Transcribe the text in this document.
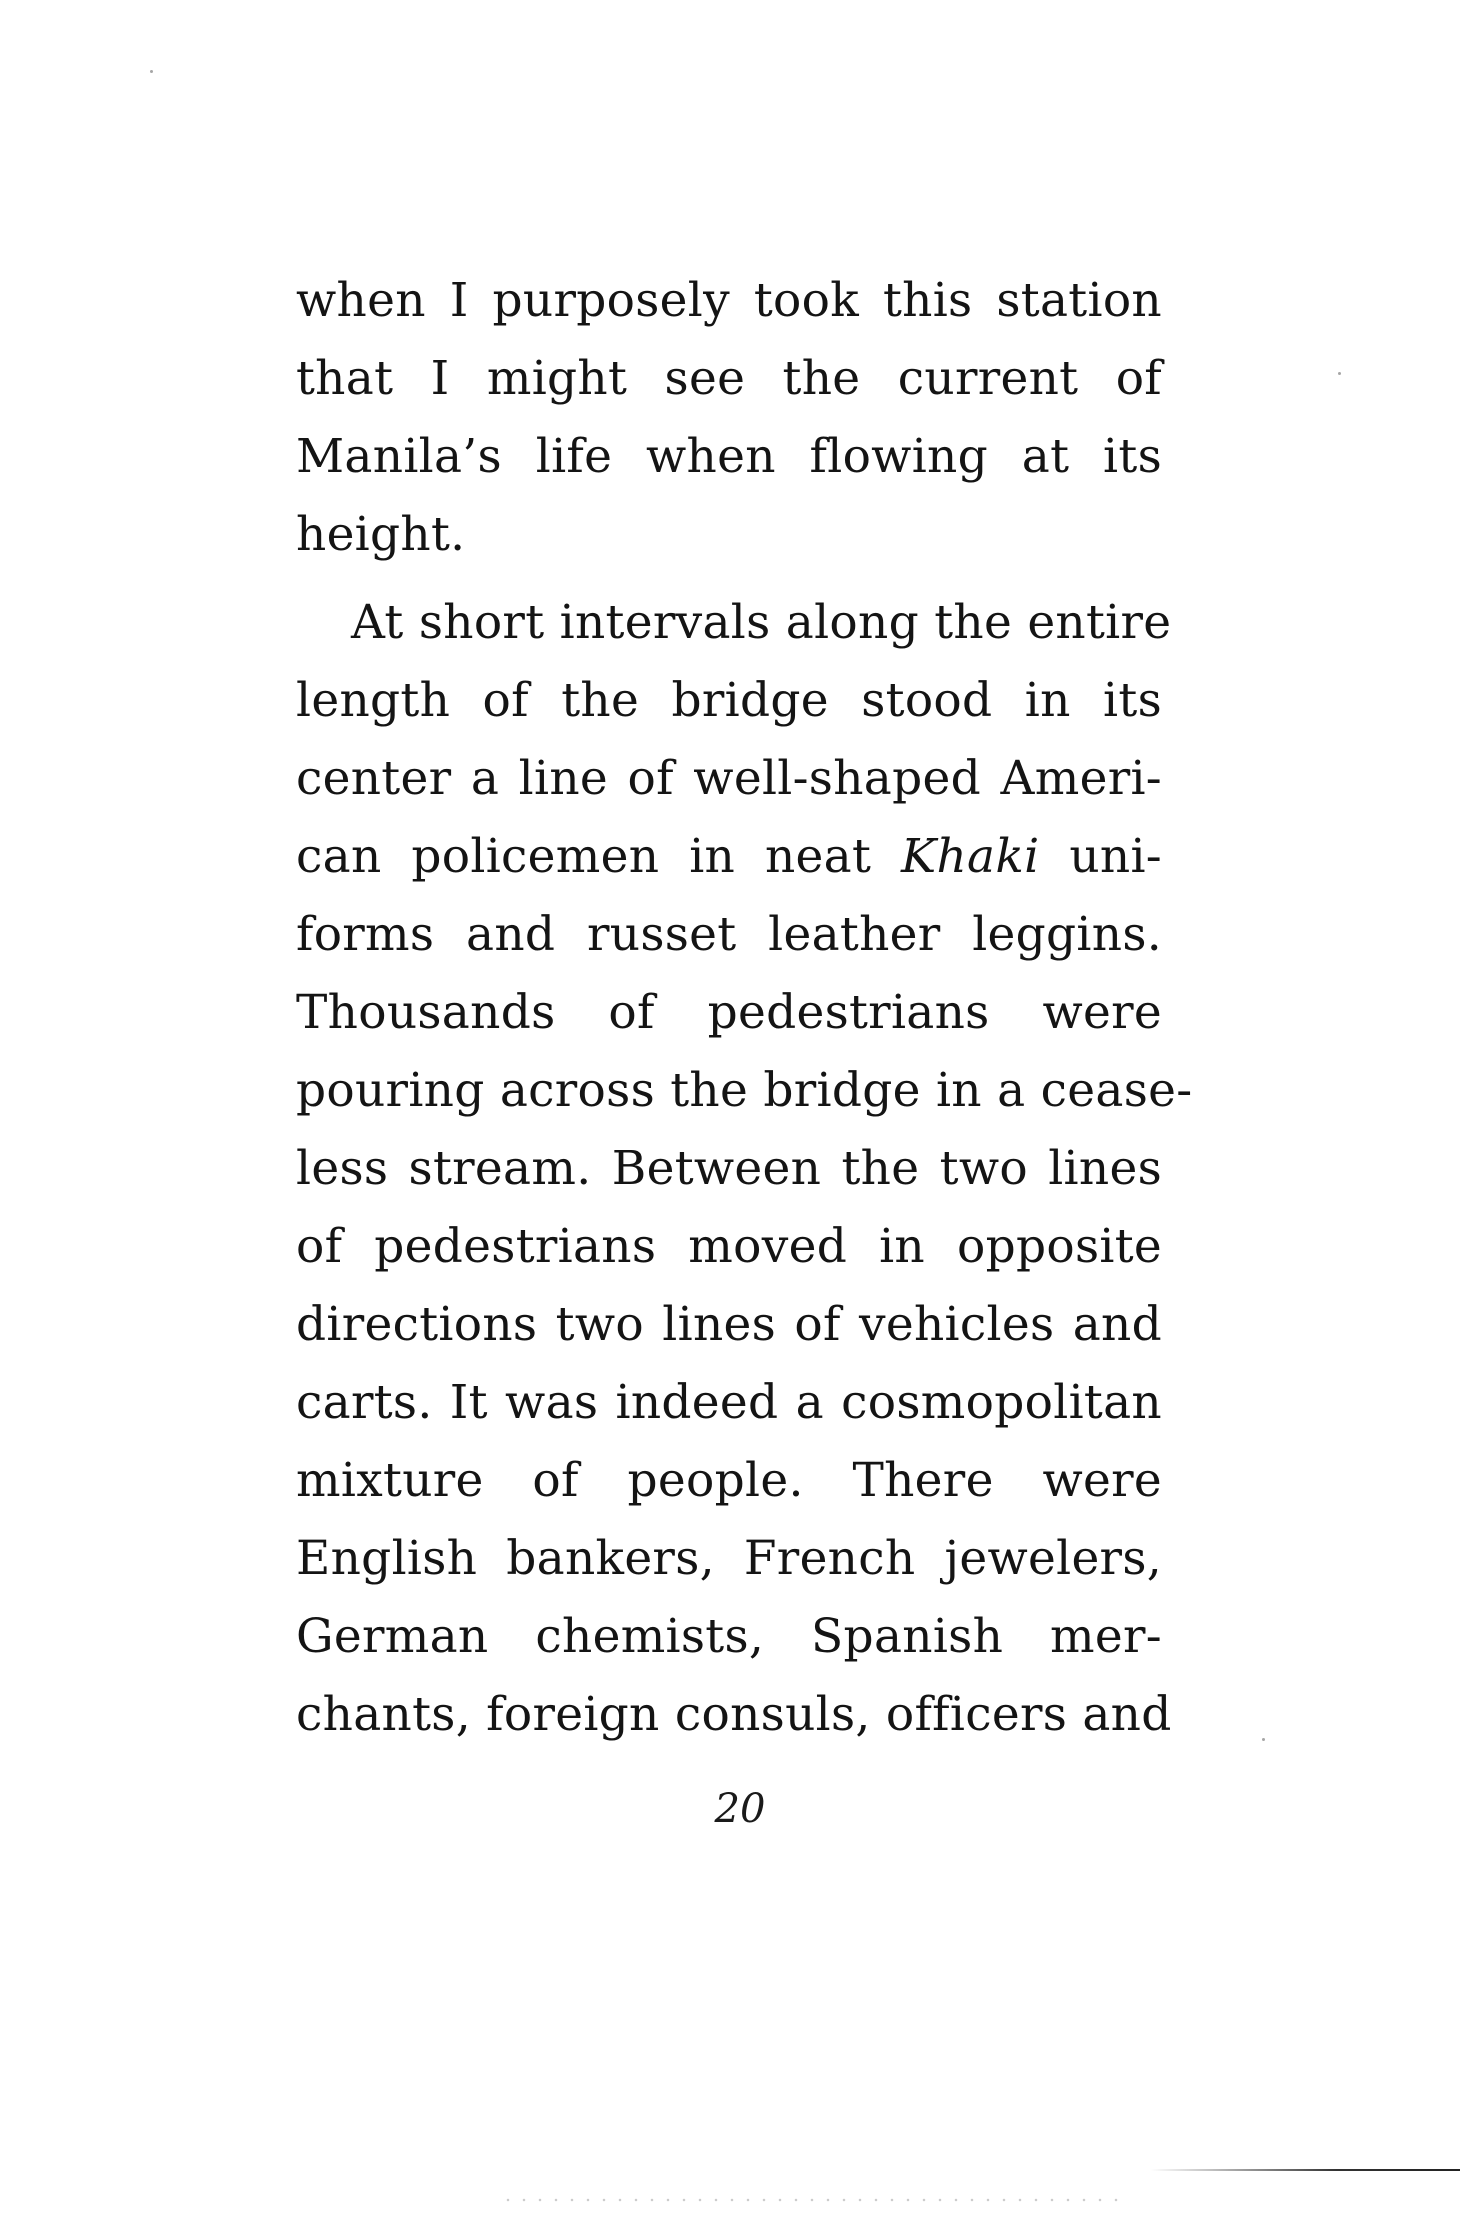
when I purposely took this station
that I might see the current of
Manila’s life when flowing at its
height.
At short intervals along the entire
length of the bridge stood in its
center a line of well-shaped Ameri-
can policemen in neat Khaki uni-
forms and russet leather leggins.
Thousands of pedestrians were
pouring across the bridge in a cease-
less stream. Between the two lines
of pedestrians moved in opposite
directions two lines of vehicles and
carts. It was indeed a cosmopolitan
mixture of people. There were
English bankers, French jewelers,
German chemists, Spanish mer-
chants, foreign consuls, officers and
20
